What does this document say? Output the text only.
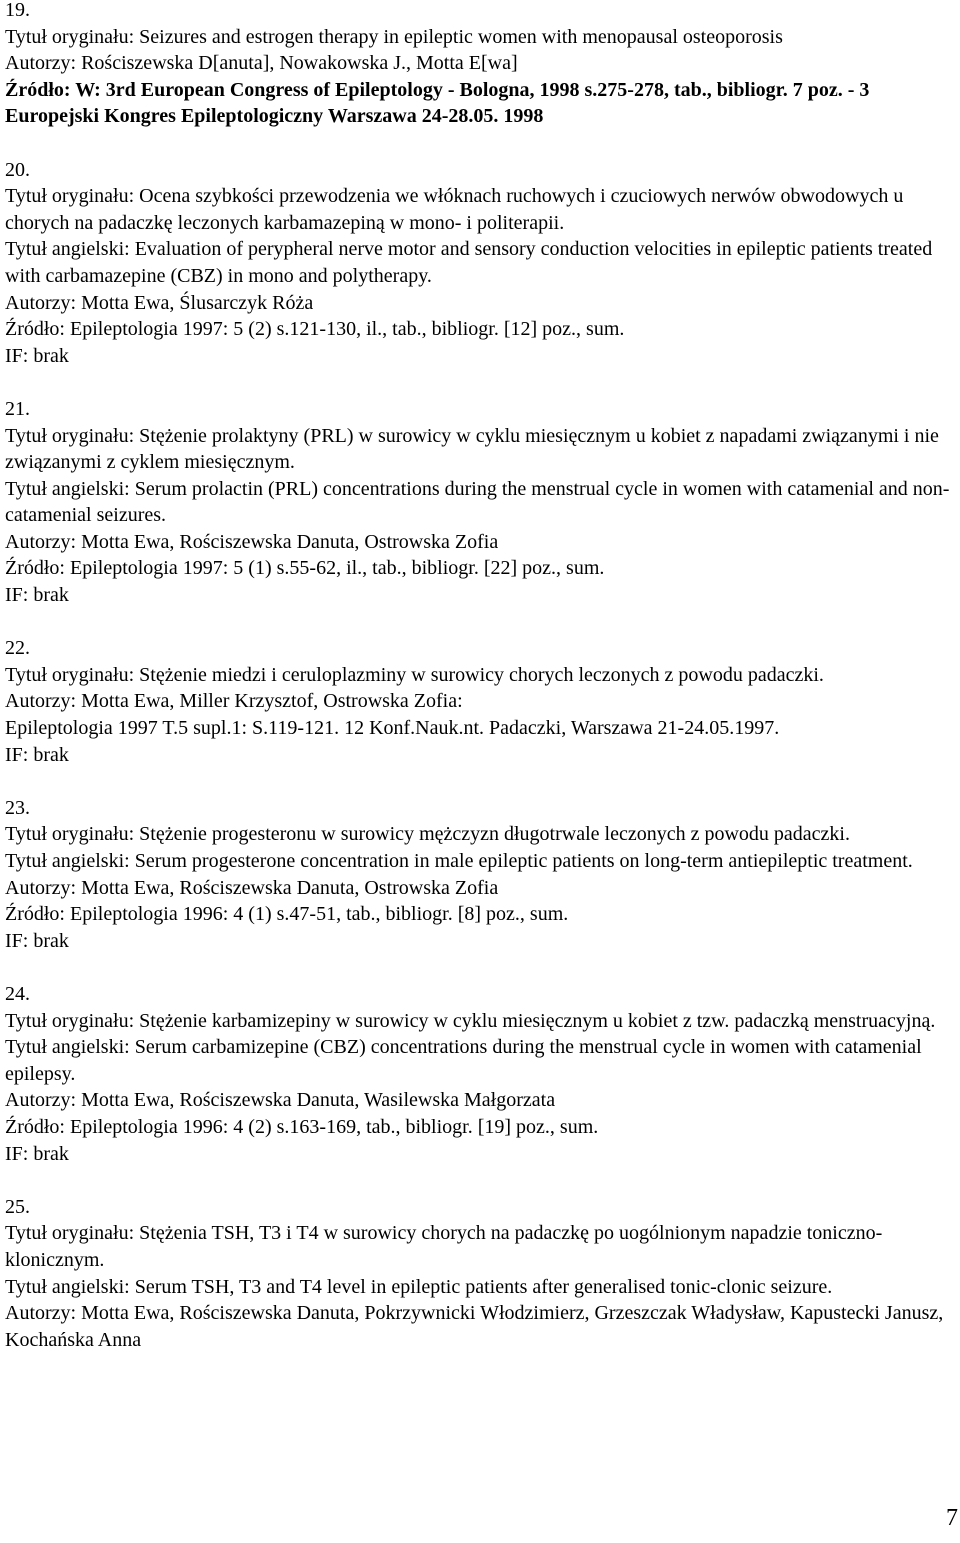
19.
Tytuł oryginału: Seizures and estrogen therapy in epileptic women with menopausal osteoporosis
Autorzy: Rościszewska D[anuta], Nowakowska J., Motta E[wa]
Źródło: W: 3rd European Congress of Epileptology - Bologna, 1998 s.275-278, tab., bibliogr. 7 poz. - 3 Europejski Kongres Epileptologiczny Warszawa 24-28.05. 1998
20.
Tytuł oryginału: Ocena szybkości przewodzenia we włóknach ruchowych i czuciowych nerwów obwodowych u chorych na padaczkę leczonych karbamazepiną w mono- i politerapii.
Tytuł angielski: Evaluation of perypheral nerve motor and sensory conduction velocities in epileptic patients treated with carbamazepine (CBZ) in mono and polytherapy.
Autorzy: Motta Ewa, Ślusarczyk Róża
Źródło: Epileptologia 1997: 5 (2) s.121-130, il., tab., bibliogr. [12] poz., sum.
IF: brak
21.
Tytuł oryginału: Stężenie prolaktyny (PRL) w surowicy w cyklu miesięcznym u kobiet z napadami związanymi i nie związanymi z cyklem miesięcznym.
Tytuł angielski: Serum prolactin (PRL) concentrations during the menstrual cycle in women with catamenial and non-catamenial seizures.
Autorzy: Motta Ewa, Rościszewska Danuta, Ostrowska Zofia
Źródło: Epileptologia 1997: 5 (1) s.55-62, il., tab., bibliogr. [22] poz., sum.
IF: brak
22.
Tytuł oryginału: Stężenie miedzi i ceruloplazminy w surowicy chorych leczonych z powodu padaczki.
Autorzy: Motta Ewa, Miller Krzysztof, Ostrowska Zofia:
Epileptologia 1997 T.5 supl.1: S.119-121. 12 Konf.Nauk.nt. Padaczki, Warszawa 21-24.05.1997.
IF: brak
23.
Tytuł oryginału: Stężenie progesteronu w surowicy mężczyzn długotrwale leczonych z powodu padaczki.
Tytuł angielski: Serum progesterone concentration in male epileptic patients on long-term antiepileptic treatment.
Autorzy: Motta Ewa, Rościszewska Danuta, Ostrowska Zofia
Źródło: Epileptologia 1996: 4 (1) s.47-51, tab., bibliogr. [8] poz., sum.
IF: brak
24.
Tytuł oryginału: Stężenie karbamizepiny w surowicy w cyklu miesięcznym u kobiet z tzw. padaczką menstruacyjną.
Tytuł angielski: Serum carbamizepine (CBZ) concentrations during the menstrual cycle in women with catamenial epilepsy.
Autorzy: Motta Ewa, Rościszewska Danuta, Wasilewska Małgorzata
Źródło: Epileptologia 1996: 4 (2) s.163-169, tab., bibliogr. [19] poz., sum.
IF: brak
25.
Tytuł oryginału: Stężenia TSH, T3 i T4 w surowicy chorych na padaczkę po uogólnionym napadzie toniczno-klonicznym.
Tytuł angielski: Serum TSH, T3 and T4 level in epileptic patients after generalised tonic-clonic seizure.
Autorzy: Motta Ewa, Rościszewska Danuta, Pokrzywnicki Włodzimierz, Grzeszczak Władysław, Kapustecki Janusz, Kochańska Anna
7
